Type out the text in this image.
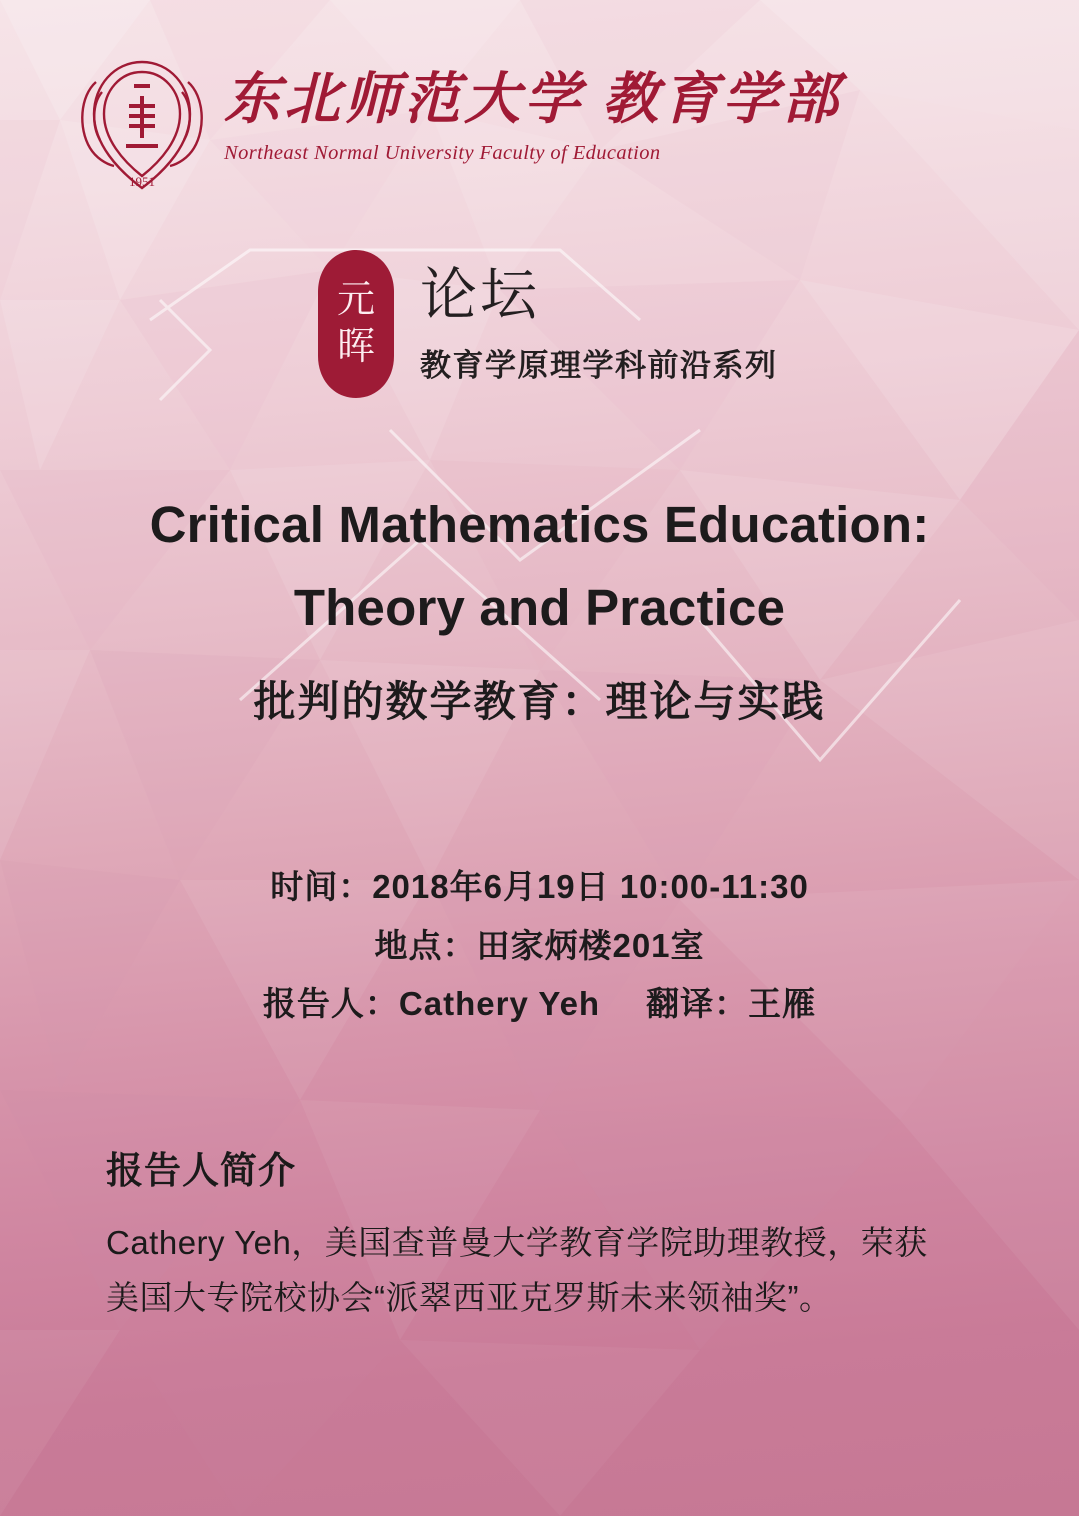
1951
东北师范大学 教育学部
Northeast Normal University Faculty of Education
元
晖
论坛
教育学原理学科前沿系列
Critical Mathematics Education:
Theory and Practice
批判的数学教育：理论与实践
时间：2018年6月19日 10:00-11:30
地点：田家炳楼201室
报告人：Cathery Yeh 翻译：王雁
报告人简介
Cathery Yeh，美国查普曼大学教育学院助理教授，荣获
美国大专院校协会“派翠西亚克罗斯未来领袖奖”。
